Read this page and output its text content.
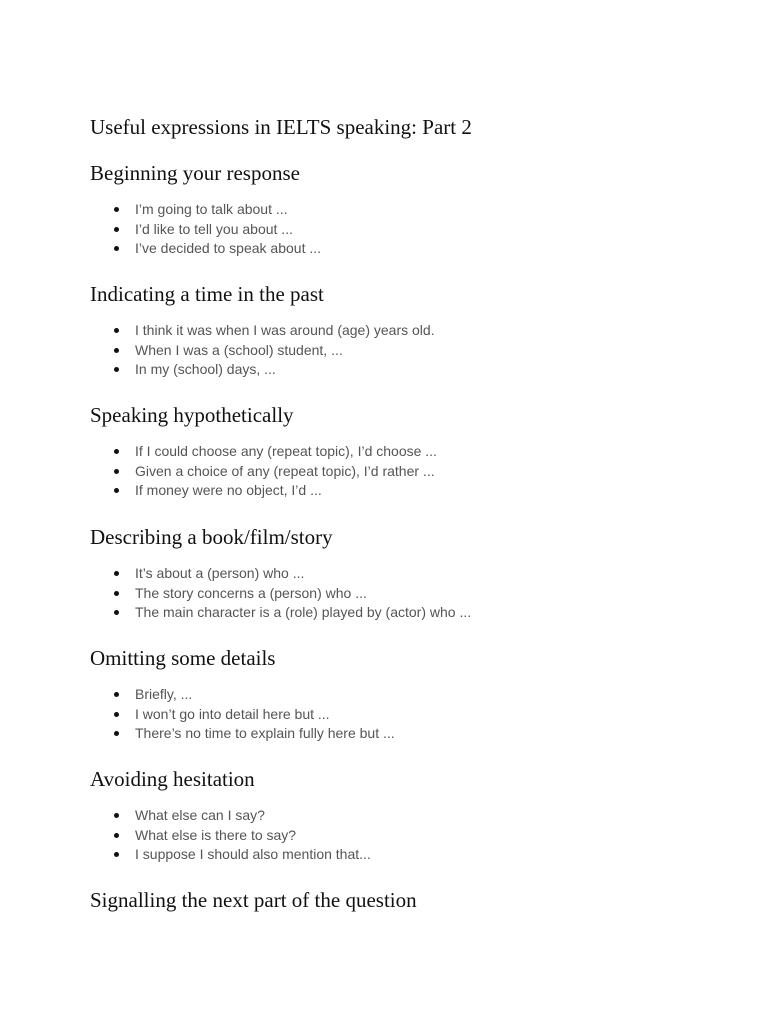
Useful expressions in IELTS speaking: Part 2
Beginning your response
I’m going to talk about ...
I’d like to tell you about ...
I’ve decided to speak about ...
Indicating a time in the past
I think it was when I was around (age) years old.
When I was a (school) student, ...
In my (school) days, ...
Speaking hypothetically
If I could choose any (repeat topic), I’d choose ...
Given a choice of any (repeat topic), I’d rather ...
If money were no object, I’d ...
Describing a book/film/story
It’s about a (person) who ...
The story concerns a (person) who ...
The main character is a (role) played by (actor) who ...
Omitting some details
Briefly, ...
I won’t go into detail here but ...
There’s no time to explain fully here but ...
Avoiding hesitation
What else can I say?
What else is there to say?
I suppose I should also mention that...
Signalling the next part of the question
